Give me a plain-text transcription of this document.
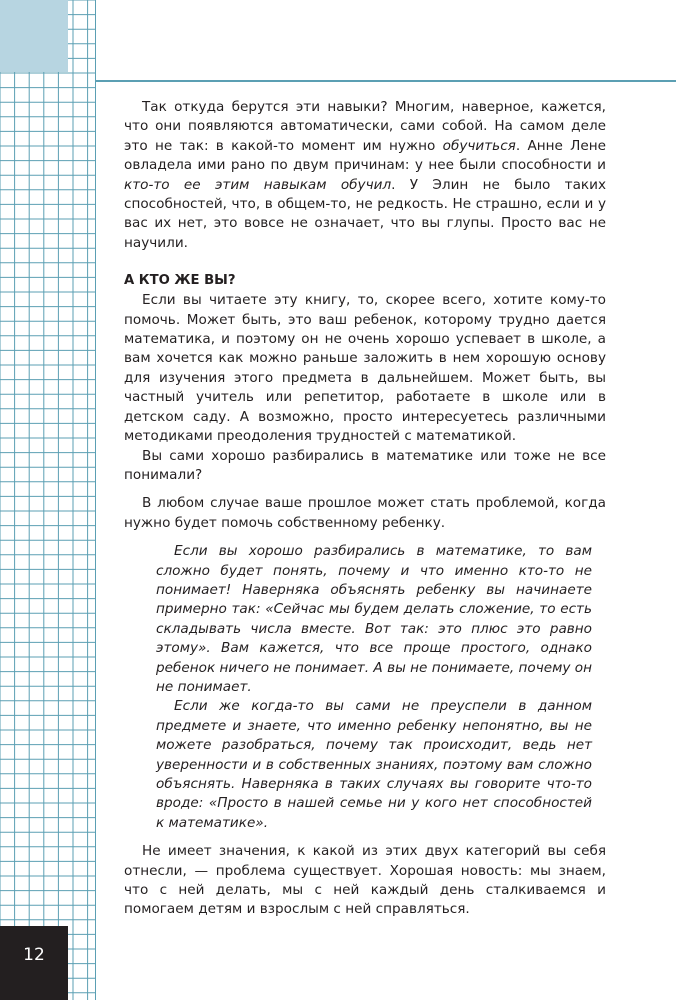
12

Так откуда берутся эти навыки? Многим, наверное, кажется, что они появляются автоматически, сами собой. На самом деле это не так: в какой-то момент им нужно обучиться. Анне Лене овладела ими рано по двум причинам: у нее были способности и кто-то ее этим навыкам обучил. У Элин не было таких способностей, что, в общем-то, не редкость. Не страшно, если и у вас их нет, это вовсе не означает, что вы глупы. Просто вас не научили.

А КТО ЖЕ ВЫ?

Если вы читаете эту книгу, то, скорее всего, хотите кому-то помочь. Может быть, это ваш ребенок, которому трудно дается математика, и поэтому он не очень хорошо успевает в школе, а вам хочется как можно раньше заложить в нем хорошую основу для изучения этого предмета в дальнейшем. Может быть, вы частный учитель или репетитор, работаете в школе или в детском саду. А возможно, просто интересуетесь различными методиками преодоления трудностей с математикой.

Вы сами хорошо разбирались в математике или тоже не все понимали?

В любом случае ваше прошлое может стать проблемой, когда нужно будет помочь собственному ребенку.

Если вы хорошо разбирались в математике, то вам сложно будет понять, почему и что именно кто-то не понимает! Наверняка объяснять ребенку вы начинаете примерно так: «Сейчас мы будем делать сложение, то есть складывать числа вместе. Вот так: это плюс это равно этому». Вам кажется, что все проще простого, однако ребенок ничего не понимает. А вы не понимаете, почему он не понимает.

Если же когда-то вы сами не преуспели в данном предмете и знаете, что именно ребенку непонятно, вы не можете разобраться, почему так происходит, ведь нет уверенности и в собственных знаниях, поэтому вам сложно объяснять. Наверняка в таких случаях вы говорите что-то вроде: «Просто в нашей семье ни у кого нет способностей к математике».

Не имеет значения, к какой из этих двух категорий вы себя отнесли, — проблема существует. Хорошая новость: мы знаем, что с ней делать, мы с ней каждый день сталкиваемся и помогаем детям и взрослым с ней справляться.
